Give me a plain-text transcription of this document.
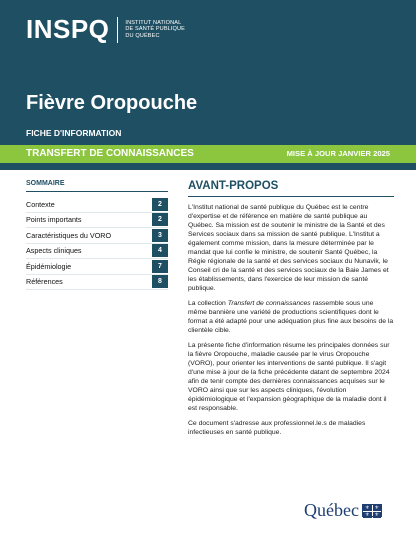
INSPQ	INSTITUT NATIONAL
DE SANTÉ PUBLIQUE
DU QUÉBEC
Fièvre Oropouche
FICHE D'INFORMATION
TRANSFERT DE CONNAISSANCES	MISE À JOUR JANVIER 2025
SOMMAIRE
Contexte	2
Points importants	2
Caractéristiques du VORO	3
Aspects cliniques	4
Épidémiologie	7
Références	8
AVANT-PROPOS

L'Institut national de santé publique du Québec est le centre d'expertise et de référence en matière de santé publique au Québec. Sa mission est de soutenir le ministre de la Santé et des Services sociaux dans sa mission de santé publique. L'Institut a également comme mission, dans la mesure déterminée par le mandat que lui confie le ministre, de soutenir Santé Québec, la Régie régionale de la santé et des services sociaux du Nunavik, le Conseil cri de la santé et des services sociaux de la Baie James et les établissements, dans l'exercice de leur mission de santé publique.

La collection Transfert de connaissances rassemble sous une même bannière une variété de productions scientifiques dont le format a été adapté pour une adéquation plus fine aux besoins de la clientèle cible.

La présente fiche d'information résume les principales données sur la fièvre Oropouche, maladie causée par le virus Oropouche (VORO), pour orienter les interventions de santé publique. Il s'agit d'une mise à jour de la fiche précédente datant de septembre 2024 afin de tenir compte des dernières connaissances acquises sur le VORO ainsi que sur les aspects cliniques, l'évolution épidémiologique et l'expansion géographique de la maladie dont il est responsable.

Ce document s'adresse aux professionnel.le.s de maladies infectieuses en santé publique.

Québec	⚜	⚜
⚜	⚜
